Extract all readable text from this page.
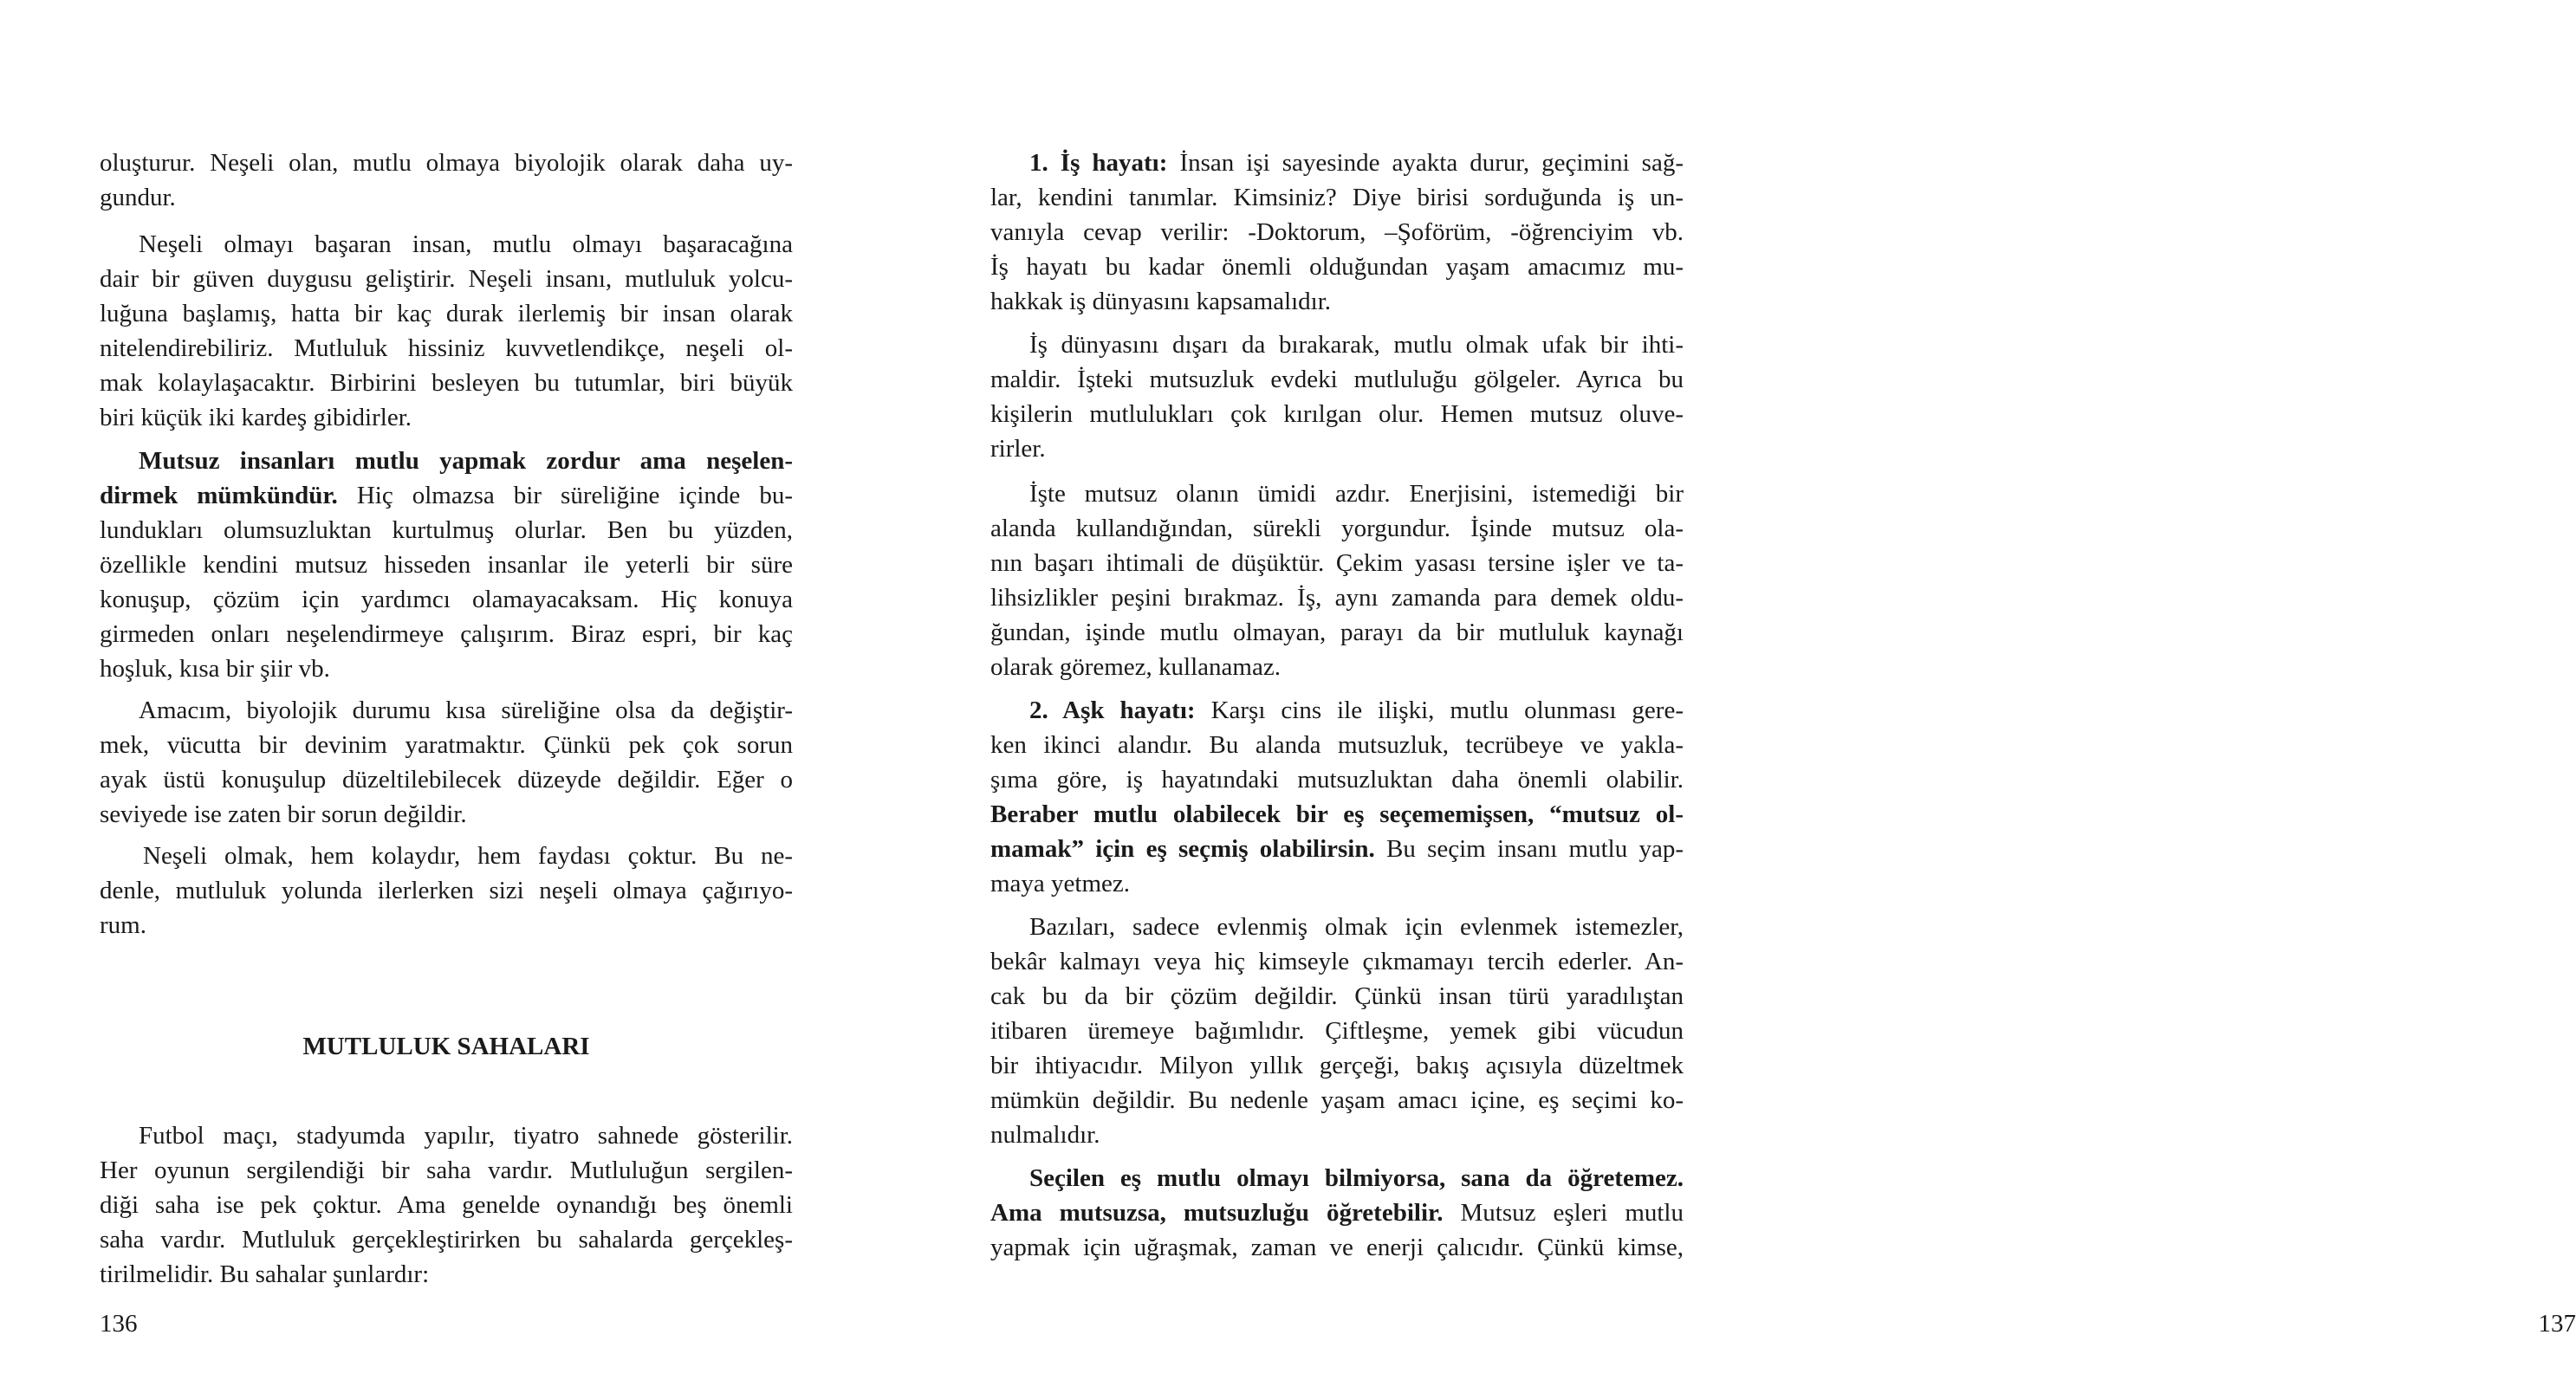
oluşturur. Neşeli olan, mutlu olmaya biyolojik olarak daha uy-
gundur.
Neşeli olmayı başaran insan, mutlu olmayı başaracağına
dair bir güven duygusu geliştirir. Neşeli insanı, mutluluk yolcu-
luğuna başlamış, hatta bir kaç durak ilerlemiş bir insan olarak
nitelendirebiliriz. Mutluluk hissiniz kuvvetlendikçe, neşeli ol-
mak kolaylaşacaktır. Birbirini besleyen bu tutumlar, biri büyük
biri küçük iki kardeş gibidirler.
Mutsuz insanları mutlu yapmak zordur ama neşelen-
dirmek mümkündür. Hiç olmazsa bir süreliğine içinde bu-
lundukları olumsuzluktan kurtulmuş olurlar. Ben bu yüzden,
özellikle kendini mutsuz hisseden insanlar ile yeterli bir süre
konuşup, çözüm için yardımcı olamayacaksam. Hiç konuya
girmeden onları neşelendirmeye çalışırım. Biraz espri, bir kaç
hoşluk, kısa bir şiir vb.
Amacım, biyolojik durumu kısa süreliğine olsa da değiştir-
mek, vücutta bir devinim yaratmaktır. Çünkü pek çok sorun
ayak üstü konuşulup düzeltilebilecek düzeyde değildir. Eğer o
seviyede ise zaten bir sorun değildir.
Neşeli olmak, hem kolaydır, hem faydası çoktur. Bu ne-
denle, mutluluk yolunda ilerlerken sizi neşeli olmaya çağırıyo-
rum.
MUTLULUK SAHALARI
Futbol maçı, stadyumda yapılır, tiyatro sahnede gösterilir.
Her oyunun sergilendiği bir saha vardır. Mutluluğun sergilen-
diği saha ise pek çoktur. Ama genelde oynandığı beş önemli
saha vardır. Mutluluk gerçekleştirirken bu sahalarda gerçekleş-
tirilmelidir. Bu sahalar şunlardır:
136
1. İş hayatı: İnsan işi sayesinde ayakta durur, geçimini sağ-
lar, kendini tanımlar. Kimsiniz? Diye birisi sorduğunda iş un-
vanıyla cevap verilir: -Doktorum, –Şoförüm, -öğrenciyim vb.
İş hayatı bu kadar önemli olduğundan yaşam amacımız mu-
hakkak iş dünyasını kapsamalıdır.
İş dünyasını dışarı da bırakarak, mutlu olmak ufak bir ihti-
maldir. İşteki mutsuzluk evdeki mutluluğu gölgeler. Ayrıca bu
kişilerin mutlulukları çok kırılgan olur. Hemen mutsuz oluve-
rirler.
İşte mutsuz olanın ümidi azdır. Enerjisini, istemediği bir
alanda kullandığından, sürekli yorgundur. İşinde mutsuz ola-
nın başarı ihtimali de düşüktür. Çekim yasası tersine işler ve ta-
lihsizlikler peşini bırakmaz. İş, aynı zamanda para demek oldu-
ğundan, işinde mutlu olmayan, parayı da bir mutluluk kaynağı
olarak göremez, kullanamaz.
2. Aşk hayatı: Karşı cins ile ilişki, mutlu olunması gere-
ken ikinci alandır. Bu alanda mutsuzluk, tecrübeye ve yakla-
şıma göre, iş hayatındaki mutsuzluktan daha önemli olabilir.
Beraber mutlu olabilecek bir eş seçememişsen, “mutsuz ol-
mamak” için eş seçmiş olabilirsin. Bu seçim insanı mutlu yap-
maya yetmez.
Bazıları, sadece evlenmiş olmak için evlenmek istemezler,
bekâr kalmayı veya hiç kimseyle çıkmamayı tercih ederler. An-
cak bu da bir çözüm değildir. Çünkü insan türü yaradılıştan
itibaren üremeye bağımlıdır. Çiftleşme, yemek gibi vücudun
bir ihtiyacıdır. Milyon yıllık gerçeği, bakış açısıyla düzeltmek
mümkün değildir. Bu nedenle yaşam amacı içine, eş seçimi ko-
nulmalıdır.
Seçilen eş mutlu olmayı bilmiyorsa, sana da öğretemez.
Ama mutsuzsa, mutsuzluğu öğretebilir. Mutsuz eşleri mutlu
yapmak için uğraşmak, zaman ve enerji çalıcıdır. Çünkü kimse,
137
